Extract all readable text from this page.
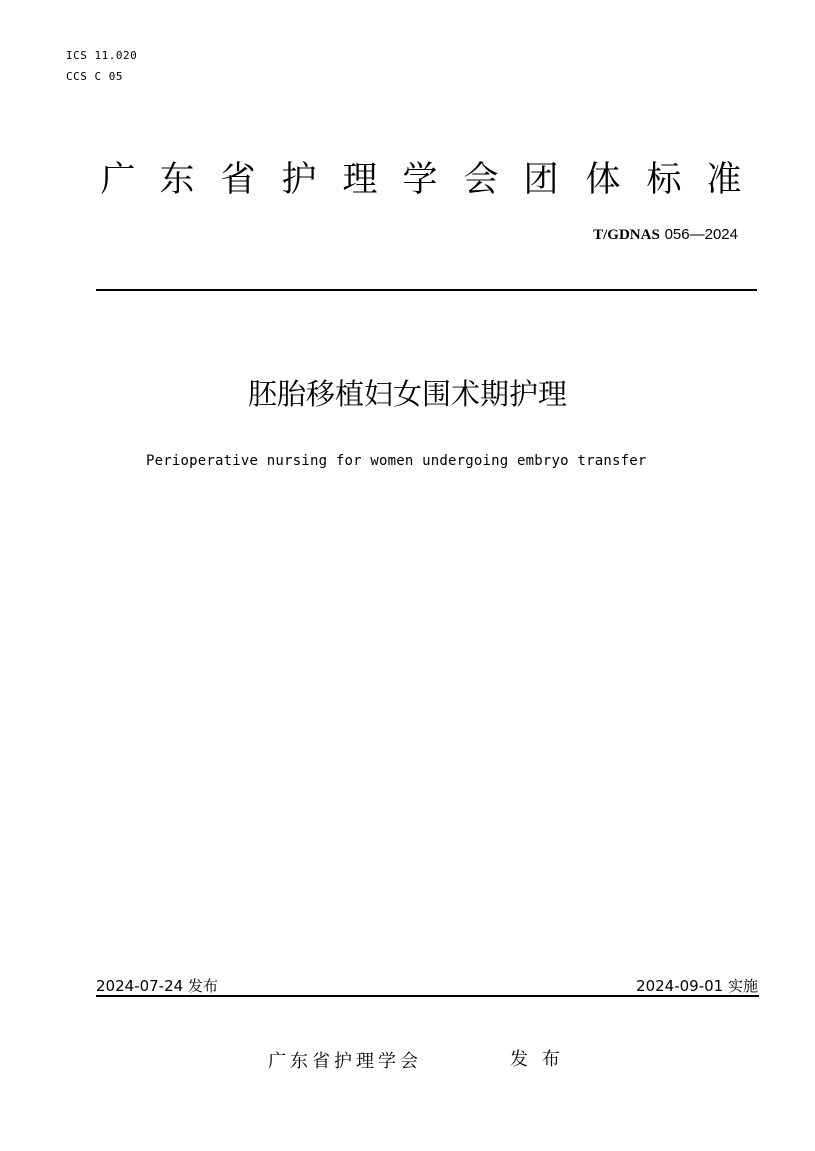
ICS 11.020
CCS C 05
广 东 省 护 理 学 会 团 体 标 准
T/GDNAS 056—2024
胚胎移植妇女围术期护理
Perioperative nursing for women undergoing embryo transfer
2024-07-24 发布	2024-09-01 实施
广东省护理学会	发 布
